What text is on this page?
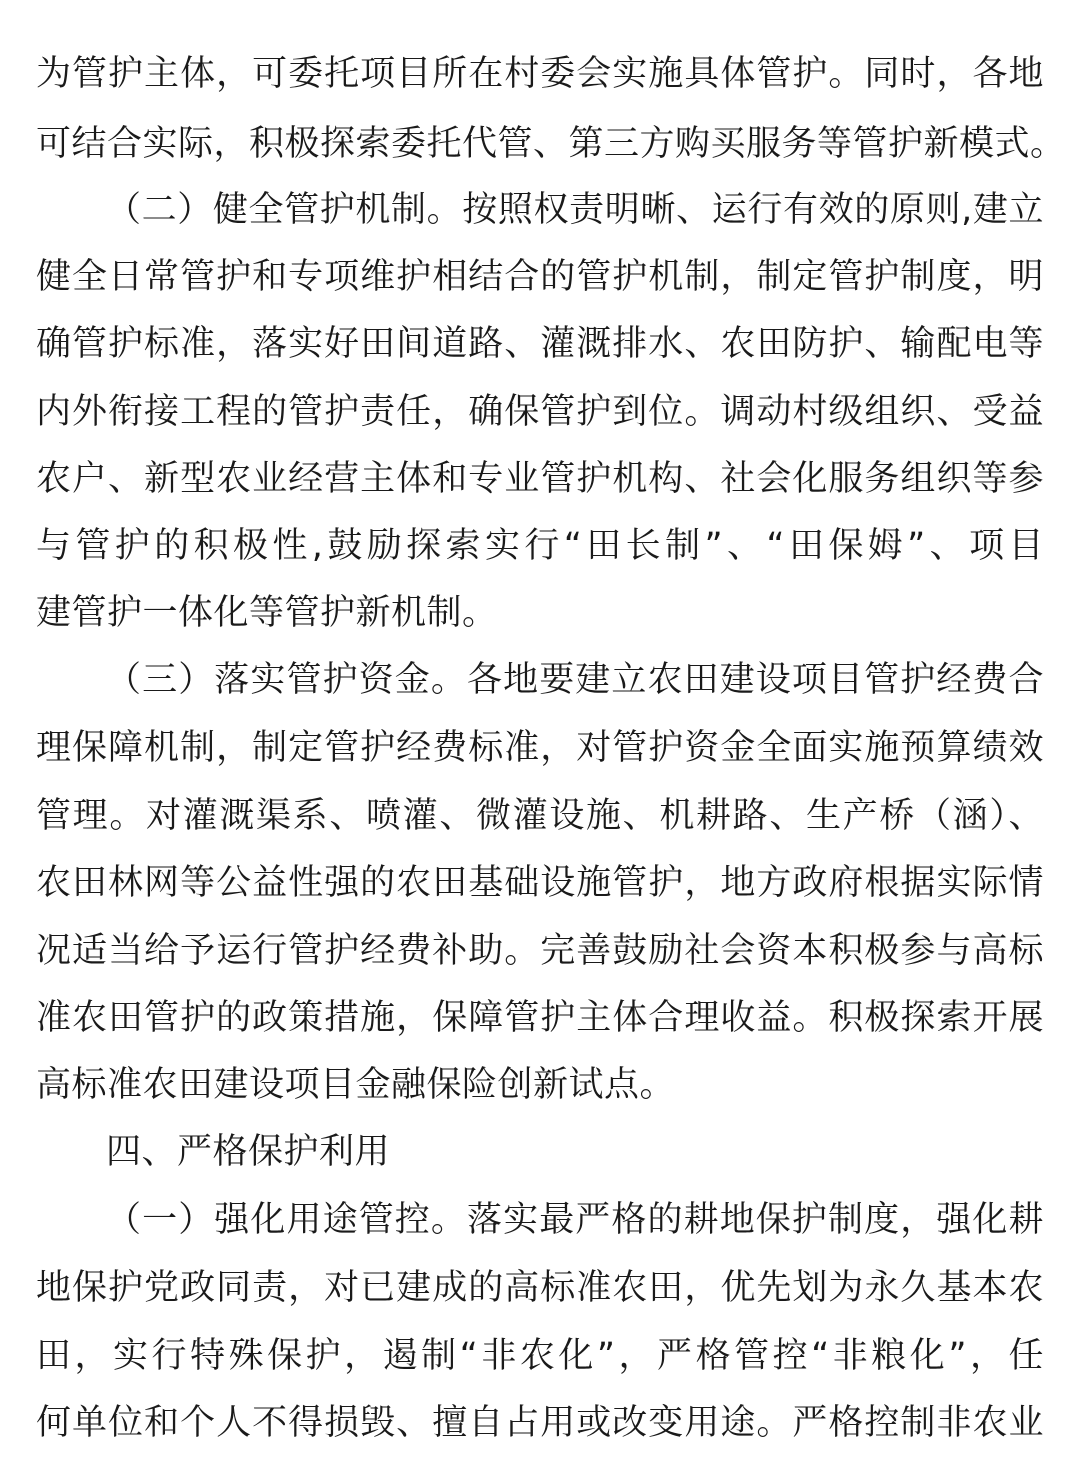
为管护主体，可委托项目所在村委会实施具体管护。同时，各地
可结合实际，积极探索委托代管、第三方购买服务等管护新模式。
（二）健全管护机制。按照权责明晰、运行有效的原则,建立
健全日常管护和专项维护相结合的管护机制，制定管护制度，明
确管护标准，落实好田间道路、灌溉排水、农田防护、输配电等
内外衔接工程的管护责任，确保管护到位。调动村级组织、受益
农户、新型农业经营主体和专业管护机构、社会化服务组织等参
与管护的积极性,鼓励探索实行“田长制”、“田保姆”、项目
建管护一体化等管护新机制。
（三）落实管护资金。各地要建立农田建设项目管护经费合
理保障机制，制定管护经费标准，对管护资金全面实施预算绩效
管理。对灌溉渠系、喷灌、微灌设施、机耕路、生产桥（涵）、
农田林网等公益性强的农田基础设施管护，地方政府根据实际情
况适当给予运行管护经费补助。完善鼓励社会资本积极参与高标
准农田管护的政策措施，保障管护主体合理收益。积极探索开展
高标准农田建设项目金融保险创新试点。
四、严格保护利用
（一）强化用途管控。落实最严格的耕地保护制度，强化耕
地保护党政同责，对已建成的高标准农田，优先划为永久基本农
田，实行特殊保护，遏制“非农化”，严格管控“非粮化”，任
何单位和个人不得损毁、擅自占用或改变用途。严格控制非农业
